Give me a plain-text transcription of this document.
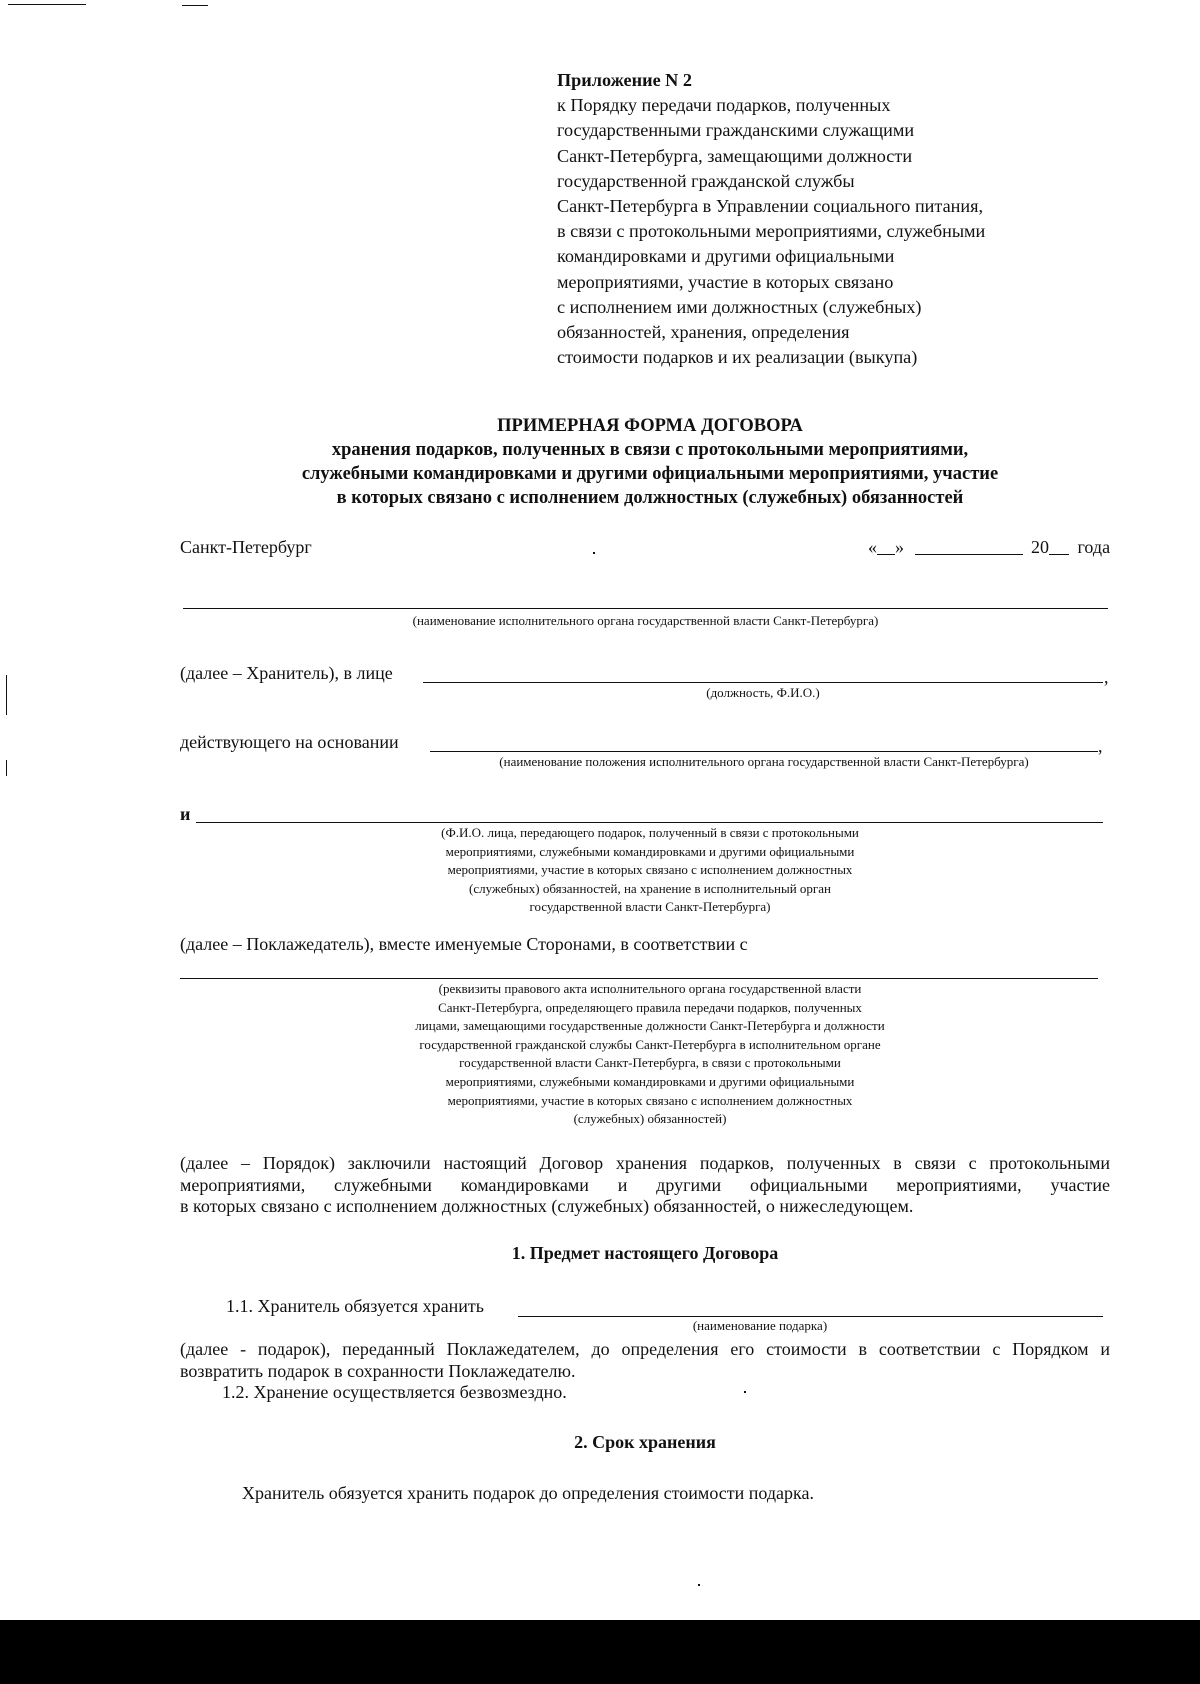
Приложение N 2
к Порядку передачи подарков, полученных
государственными гражданскими служащими
Санкт-Петербурга, замещающими должности
государственной гражданской службы
Санкт-Петербурга в Управлении социального питания,
в связи с протокольными мероприятиями, служебными
командировками и другими официальными
мероприятиями, участие в которых связано
с исполнением ими должностных (служебных)
обязанностей, хранения, определения
стоимости подарков и их реализации (выкупа)
ПРИМЕРНАЯ ФОРМА ДОГОВОРА
хранения подарков, полученных в связи с протокольными мероприятиями,
служебными командировками и другими официальными мероприятиями, участие
в которых связано с исполнением должностных (служебных) обязанностей
Санкт-Петербург	« »	20 года
(наименование исполнительного органа государственной власти Санкт-Петербурга)
(далее – Хранитель), в лице	,
(должность, Ф.И.О.)
действующего на основании	,
(наименование положения исполнительного органа государственной власти Санкт-Петербурга)
и
(Ф.И.О. лица, передающего подарок, полученный в связи с протокольными
мероприятиями, служебными командировками и другими официальными
мероприятиями, участие в которых связано с исполнением должностных
(служебных) обязанностей, на хранение в исполнительный орган
государственной власти Санкт-Петербурга)
(далее – Поклажедатель), вместе именуемые Сторонами, в соответствии с
(реквизиты правового акта исполнительного органа государственной власти
Санкт-Петербурга, определяющего правила передачи подарков, полученных
лицами, замещающими государственные должности Санкт-Петербурга и должности
государственной гражданской службы Санкт-Петербурга в исполнительном органе
государственной власти Санкт-Петербурга, в связи с протокольными
мероприятиями, служебными командировками и другими официальными
мероприятиями, участие в которых связано с исполнением должностных
(служебных) обязанностей)
(далее – Порядок) заключили настоящий Договор хранения подарков, полученных в связи с протокольными
мероприятиями, служебными командировками и другими официальными мероприятиями, участие
в которых связано с исполнением должностных (служебных) обязанностей, о нижеследующем.
1. Предмет настоящего Договора
1.1. Хранитель обязуется хранить
(наименование подарка)
(далее - подарок), переданный Поклажедателем, до определения его стоимости в соответствии с Порядком и
возвратить подарок в сохранности Поклажедателю.
1.2. Хранение осуществляется безвозмездно.
2. Срок хранения
Хранитель обязуется хранить подарок до определения стоимости подарка.
